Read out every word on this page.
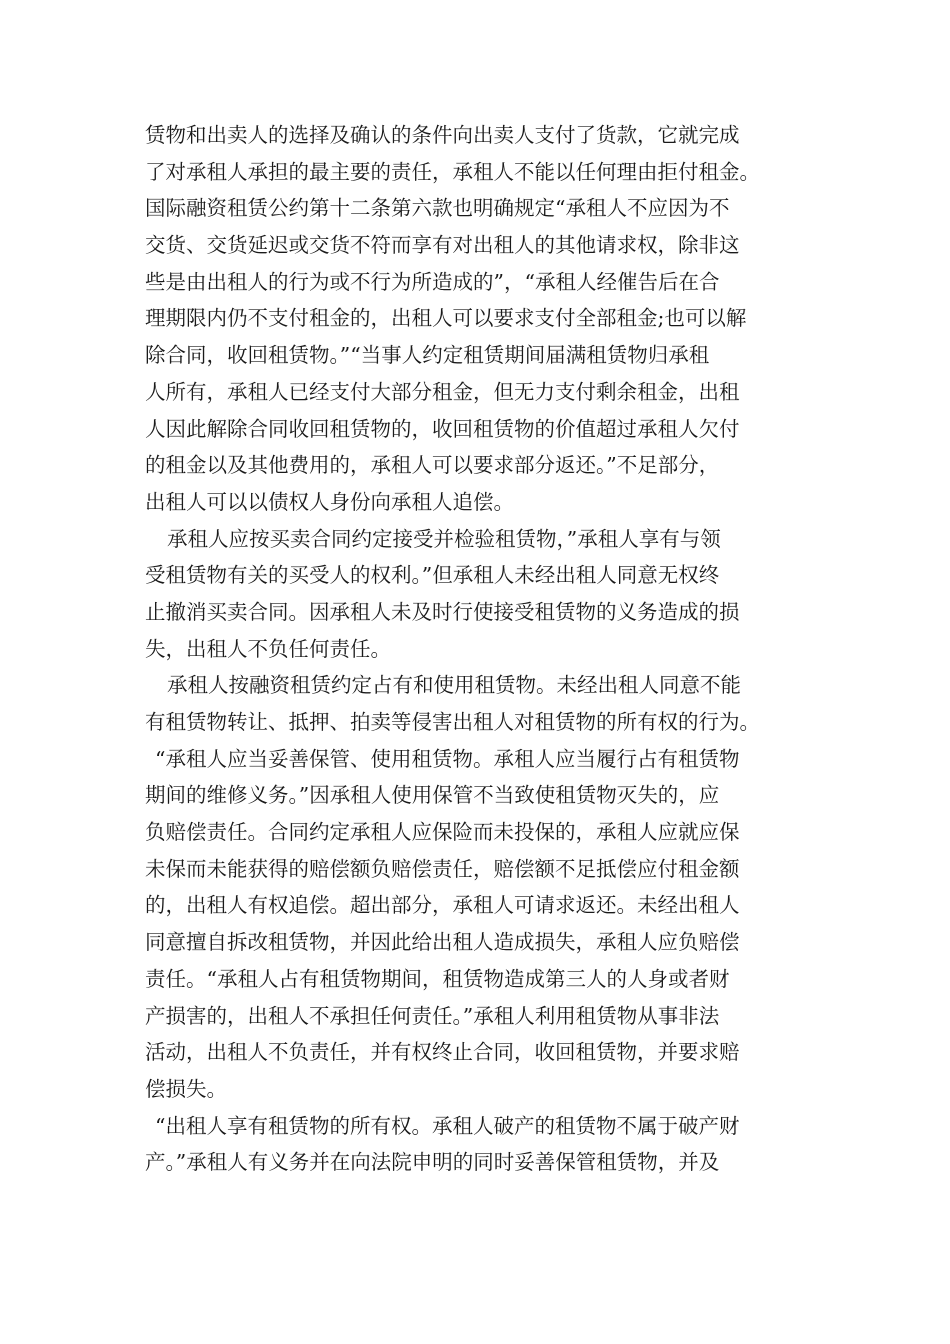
赁物和出卖人的选择及确认的条件向出卖人支付了货款，它就完成
了对承租人承担的最主要的责任，承租人不能以任何理由拒付租金。
国际融资租赁公约第十二条第六款也明确规定“承租人不应因为不
交货、交货延迟或交货不符而享有对出租人的其他请求权，除非这
些是由出租人的行为或不行为所造成的”，“承租人经催告后在合
理期限内仍不支付租金的，出租人可以要求支付全部租金;也可以解
除合同，收回租赁物。”“当事人约定租赁期间届满租赁物归承租
人所有，承租人已经支付大部分租金，但无力支付剩余租金，出租
人因此解除合同收回租赁物的，收回租赁物的价值超过承租人欠付
的租金以及其他费用的，承租人可以要求部分返还。”不足部分，
出租人可以以债权人身份向承租人追偿。
承租人应按买卖合同约定接受并检验租赁物，”承租人享有与领
受租赁物有关的买受人的权利。”但承租人未经出租人同意无权终
止撤消买卖合同。因承租人未及时行使接受租赁物的义务造成的损
失，出租人不负任何责任。
承租人按融资租赁约定占有和使用租赁物。未经出租人同意不能
有租赁物转让、抵押、拍卖等侵害出租人对租赁物的所有权的行为。
“承租人应当妥善保管、使用租赁物。承租人应当履行占有租赁物
期间的维修义务。”因承租人使用保管不当致使租赁物灭失的，应
负赔偿责任。合同约定承租人应保险而未投保的，承租人应就应保
未保而未能获得的赔偿额负赔偿责任，赔偿额不足抵偿应付租金额
的，出租人有权追偿。超出部分，承租人可请求返还。未经出租人
同意擅自拆改租赁物，并因此给出租人造成损失，承租人应负赔偿
责任。“承租人占有租赁物期间，租赁物造成第三人的人身或者财
产损害的，出租人不承担任何责任。”承租人利用租赁物从事非法
活动，出租人不负责任，并有权终止合同，收回租赁物，并要求赔
偿损失。
“出租人享有租赁物的所有权。承租人破产的租赁物不属于破产财
产。”承租人有义务并在向法院申明的同时妥善保管租赁物，并及
